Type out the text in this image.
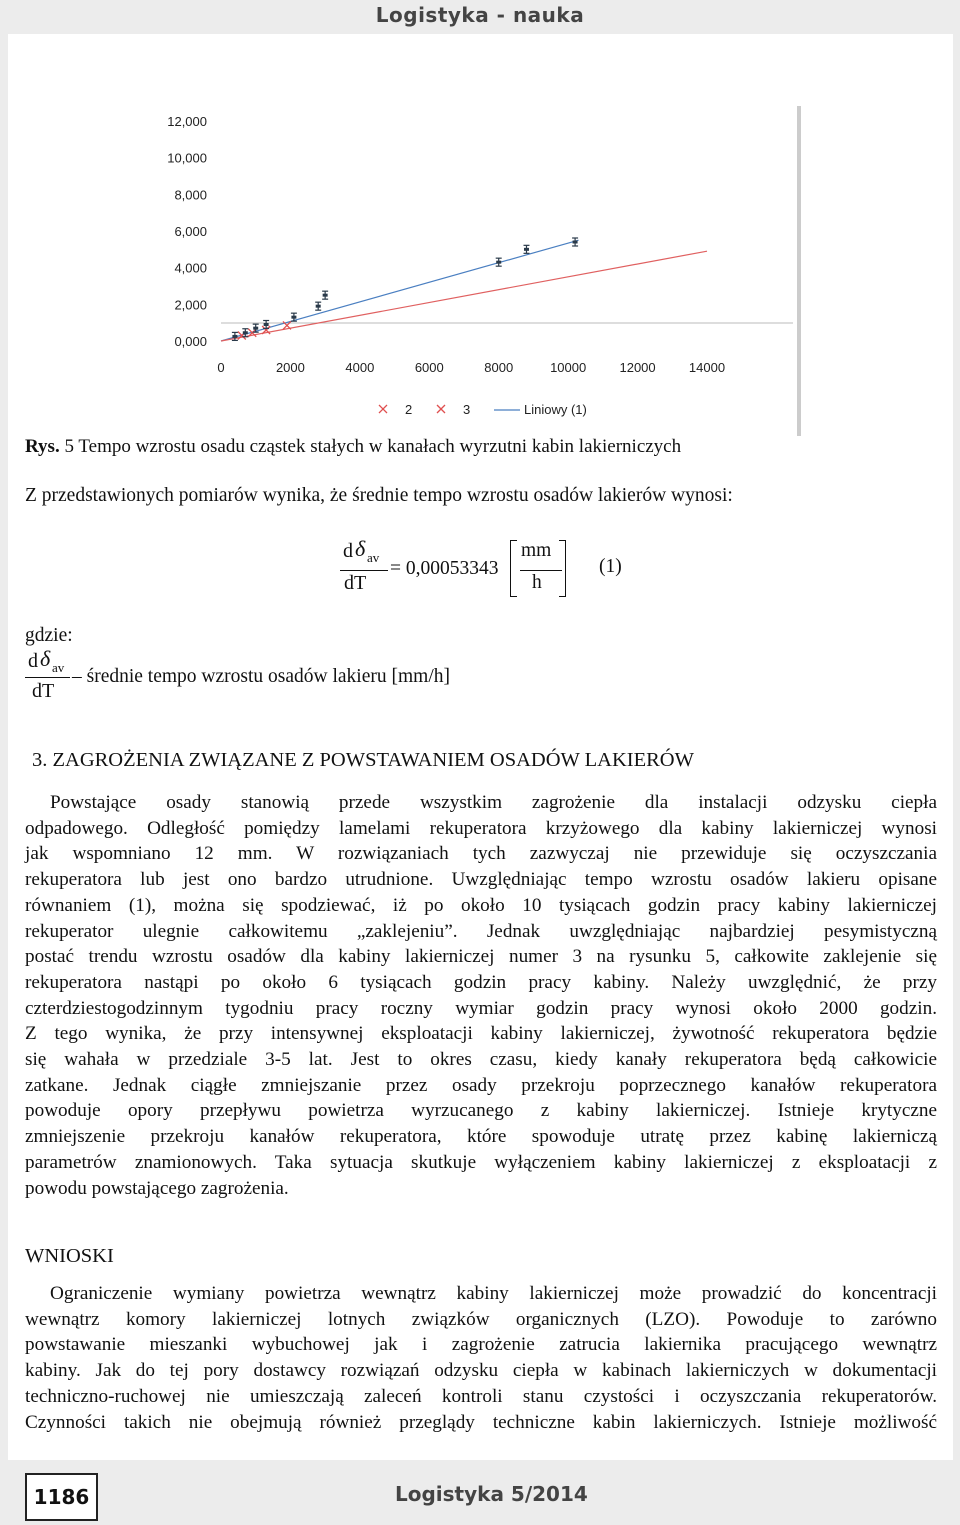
Logistyka - nauka
0,000
2,000
4,000
6,000
8,000
10,000
12,000
0	2000	4000	6000	8000	10000	12000	14000
2	3	Liniowy (1)
Rys. 5 Tempo wzrostu osadu cząstek stałych w kanałach wyrzutni kabin lakierniczych
Z przedstawionych pomiarów wynika, że średnie tempo wzrostu osadów lakierów wynosi:
d δ av
dT
= 0,00053343
mm
h
(1)
gdzie:
d δ av
dT
– średnie tempo wzrostu osadów lakieru [mm/h]
3. ZAGROŻENIA ZWIĄZANE Z POWSTAWANIEM OSADÓW LAKIERÓW
Powstające osady stanowią przede wszystkim zagrożenie dla instalacji odzysku ciepła
odpadowego. Odległość pomiędzy lamelami rekuperatora krzyżowego dla kabiny lakierniczej wynosi
jak wspomniano 12 mm. W rozwiązaniach tych zazwyczaj nie przewiduje się oczyszczania
rekuperatora lub jest ono bardzo utrudnione. Uwzględniając tempo wzrostu osadów lakieru opisane
równaniem (1), można się spodziewać, iż po około 10 tysiącach godzin pracy kabiny lakierniczej
rekuperator ulegnie całkowitemu „zaklejeniu”. Jednak uwzględniając najbardziej pesymistyczną
postać trendu wzrostu osadów dla kabiny lakierniczej numer 3 na rysunku 5, całkowite zaklejenie się
rekuperatora nastąpi po około 6 tysiącach godzin pracy kabiny. Należy uwzględnić, że przy
czterdziestogodzinnym tygodniu pracy roczny wymiar godzin pracy wynosi około 2000 godzin.
Z tego wynika, że przy intensywnej eksploatacji kabiny lakierniczej, żywotność rekuperatora będzie
się wahała w przedziale 3-5 lat. Jest to okres czasu, kiedy kanały rekuperatora będą całkowicie
zatkane. Jednak ciągłe zmniejszanie przez osady przekroju poprzecznego kanałów rekuperatora
powoduje opory przepływu powietrza wyrzucanego z kabiny lakierniczej. Istnieje krytyczne
zmniejszenie przekroju kanałów rekuperatora, które spowoduje utratę przez kabinę lakierniczą
parametrów znamionowych. Taka sytuacja skutkuje wyłączeniem kabiny lakierniczej z eksploatacji z
powodu powstającego zagrożenia.
WNIOSKI
Ograniczenie wymiany powietrza wewnątrz kabiny lakierniczej może prowadzić do koncentracji
wewnątrz komory lakierniczej lotnych związków organicznych (LZO). Powoduje to zarówno
powstawanie mieszanki wybuchowej jak i zagrożenie zatrucia lakiernika pracującego wewnątrz
kabiny. Jak do tej pory dostawcy rozwiązań odzysku ciepła w kabinach lakierniczych w dokumentacji
techniczno-ruchowej nie umieszczają zaleceń kontroli stanu czystości i oczyszczania rekuperatorów.
Czynności takich nie obejmują również przeglądy techniczne kabin lakierniczych. Istnieje możliwość
1186	Logistyka 5/2014
